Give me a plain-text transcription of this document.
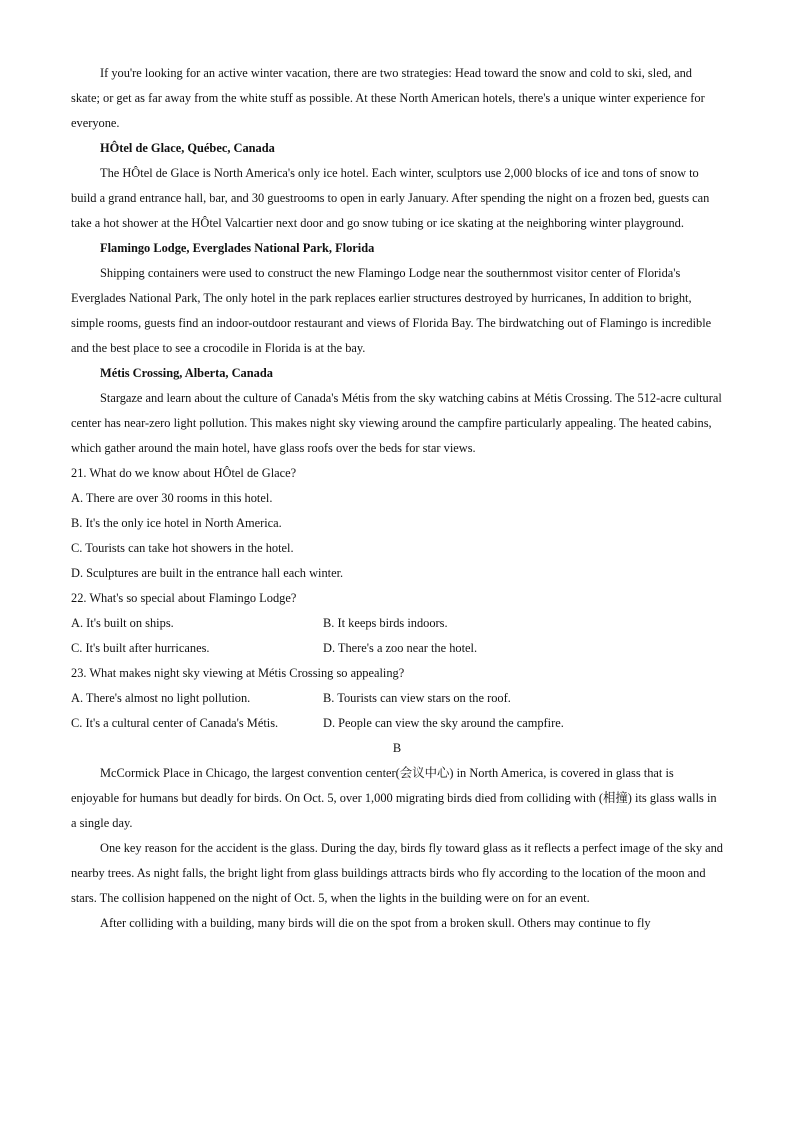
If you're looking for an active winter vacation, there are two strategies: Head toward the snow and cold to ski, sled, and skate; or get as far away from the white stuff as possible. At these North American hotels, there's a unique winter experience for everyone.

HÔtel de Glace, Québec, Canada

The HÔtel de Glace is North America's only ice hotel. Each winter, sculptors use 2,000 blocks of ice and tons of snow to build a grand entrance hall, bar, and 30 guestrooms to open in early January. After spending the night on a frozen bed, guests can take a hot shower at the HÔtel Valcartier next door and go snow tubing or ice skating at the neighboring winter playground.

Flamingo Lodge, Everglades National Park, Florida

Shipping containers were used to construct the new Flamingo Lodge near the southernmost visitor center of Florida's Everglades National Park, The only hotel in the park replaces earlier structures destroyed by hurricanes, In addition to bright, simple rooms, guests find an indoor-outdoor restaurant and views of Florida Bay. The birdwatching out of Flamingo is incredible and the best place to see a crocodile in Florida is at the bay.

Métis Crossing, Alberta, Canada

Stargaze and learn about the culture of Canada's Métis from the sky watching cabins at Métis Crossing. The 512-acre cultural center has near-zero light pollution. This makes night sky viewing around the campfire particularly appealing. The heated cabins, which gather around the main hotel, have glass roofs over the beds for star views.

21. What do we know about HÔtel de Glace?

A. There are over 30 rooms in this hotel.

B. It's the only ice hotel in North America.

C. Tourists can take hot showers in the hotel.

D. Sculptures are built in the entrance hall each winter.

22. What's so special about Flamingo Lodge?

A. It's built on ships.	B. It keeps birds indoors.
C. It's built after hurricanes.	D. There's a zoo near the hotel.

23. What makes night sky viewing at Métis Crossing so appealing?

A. There's almost no light pollution.	B. Tourists can view stars on the roof.
C. It's a cultural center of Canada's Métis.	D. People can view the sky around the campfire.

B

McCormick Place in Chicago, the largest convention center(会议中心) in North America, is covered in glass that is enjoyable for humans but deadly for birds. On Oct. 5, over 1,000 migrating birds died from colliding with (相撞) its glass walls in a single day.

One key reason for the accident is the glass. During the day, birds fly toward glass as it reflects a perfect image of the sky and nearby trees. As night falls, the bright light from glass buildings attracts birds who fly according to the location of the moon and stars. The collision happened on the night of Oct. 5, when the lights in the building were on for an event.

After colliding with a building, many birds will die on the spot from a broken skull. Others may continue to fly
